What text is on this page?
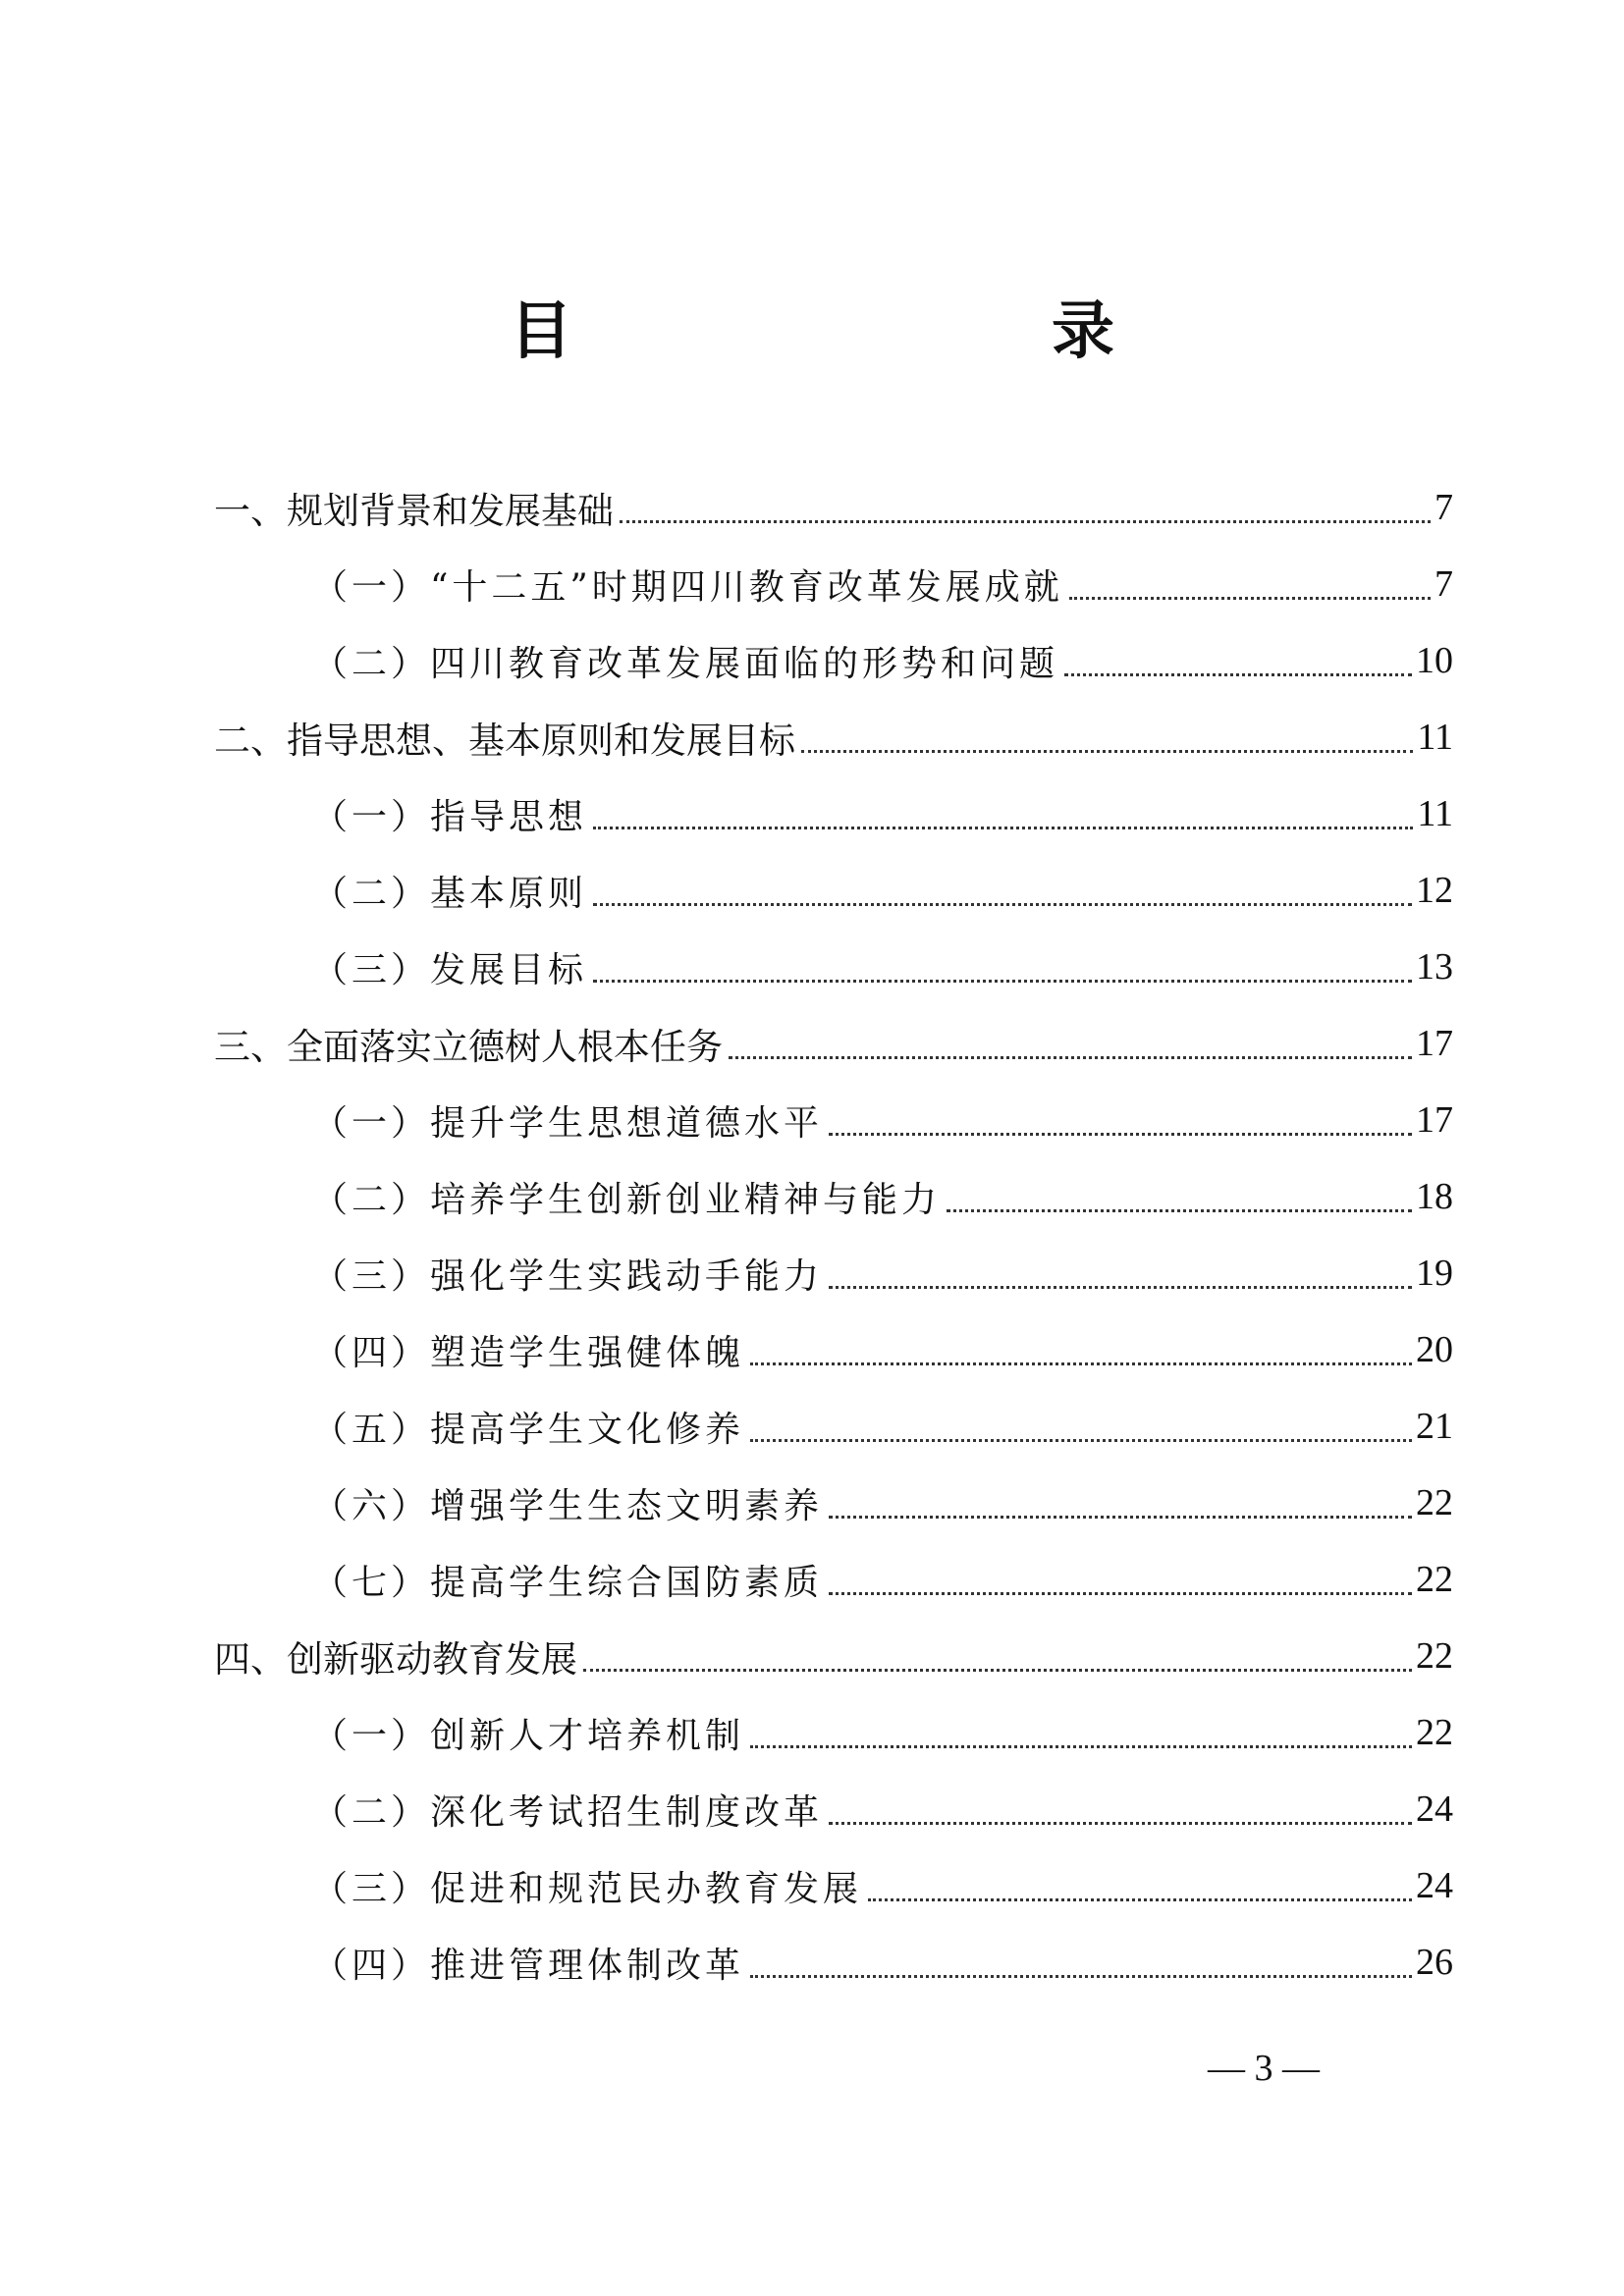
目　　录
一、规划背景和发展基础	7
（一）“十二五”时期四川教育改革发展成就	7
（二）四川教育改革发展面临的形势和问题	10
二、指导思想、基本原则和发展目标	11
（一）指导思想	11
（二）基本原则	12
（三）发展目标	13
三、全面落实立德树人根本任务	17
（一）提升学生思想道德水平	17
（二）培养学生创新创业精神与能力	18
（三）强化学生实践动手能力	19
（四）塑造学生强健体魄	20
（五）提高学生文化修养	21
（六）增强学生生态文明素养	22
（七）提高学生综合国防素质	22
四、创新驱动教育发展	22
（一）创新人才培养机制	22
（二）深化考试招生制度改革	24
（三）促进和规范民办教育发展	24
（四）推进管理体制改革	26
— 3 —
